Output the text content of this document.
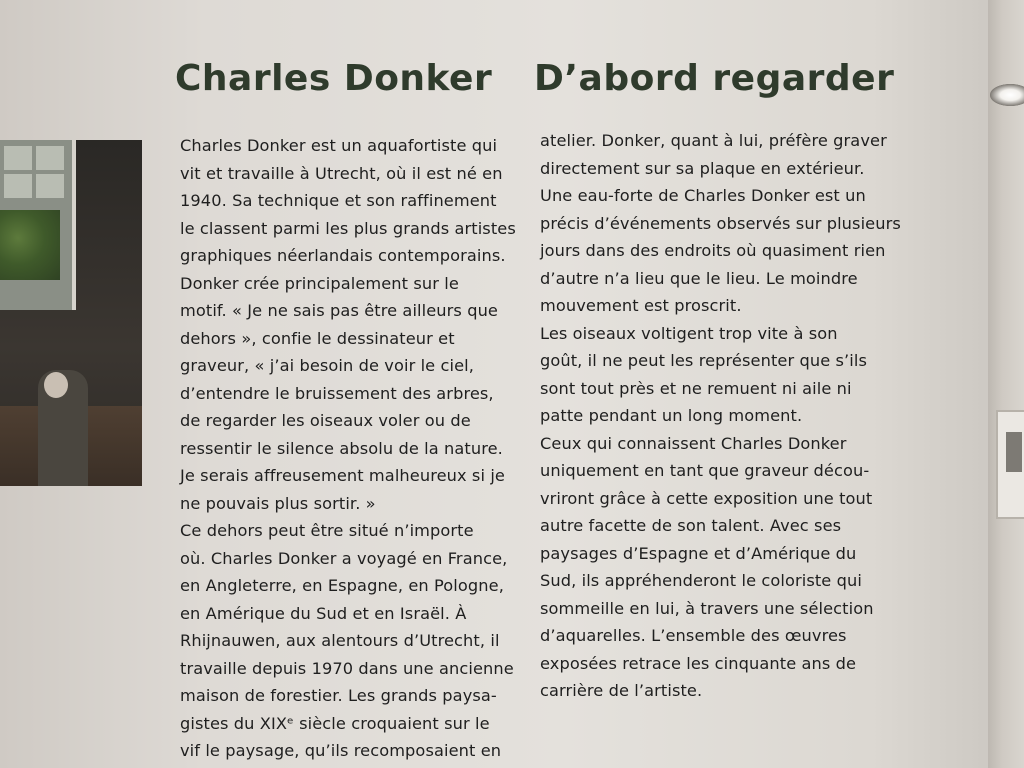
Charles Donker D’abord regarder
Charles Donker est un aquafortiste qui
vit et travaille à Utrecht, où il est né en
1940. Sa technique et son raffinement
le classent parmi les plus grands artistes
graphiques néerlandais contemporains.
Donker crée principalement sur le
motif. « Je ne sais pas être ailleurs que
dehors », confie le dessinateur et
graveur, « j’ai besoin de voir le ciel,
d’entendre le bruissement des arbres,
de regarder les oiseaux voler ou de
ressentir le silence absolu de la nature.
Je serais affreusement malheureux si je
ne pouvais plus sortir. »
Ce dehors peut être situé n’importe
où. Charles Donker a voyagé en France,
en Angleterre, en Espagne, en Pologne,
en Amérique du Sud et en Israël. À
Rhijnauwen, aux alentours d’Utrecht, il
travaille depuis 1970 dans une ancienne
maison de forestier. Les grands paysa-
gistes du XIXᵉ siècle croquaient sur le
vif le paysage, qu’ils recomposaient en
atelier. Donker, quant à lui, préfère graver
directement sur sa plaque en extérieur.
Une eau-forte de Charles Donker est un
précis d’événements observés sur plusieurs
jours dans des endroits où quasiment rien
d’autre n’a lieu que le lieu. Le moindre
mouvement est proscrit.
Les oiseaux voltigent trop vite à son
goût, il ne peut les représenter que s’ils
sont tout près et ne remuent ni aile ni
patte pendant un long moment.
Ceux qui connaissent Charles Donker
uniquement en tant que graveur décou-
vriront grâce à cette exposition une tout
autre facette de son talent. Avec ses
paysages d’Espagne et d’Amérique du
Sud, ils appréhenderont le coloriste qui
sommeille en lui, à travers une sélection
d’aquarelles. L’ensemble des œuvres
exposées retrace les cinquante ans de
carrière de l’artiste.
